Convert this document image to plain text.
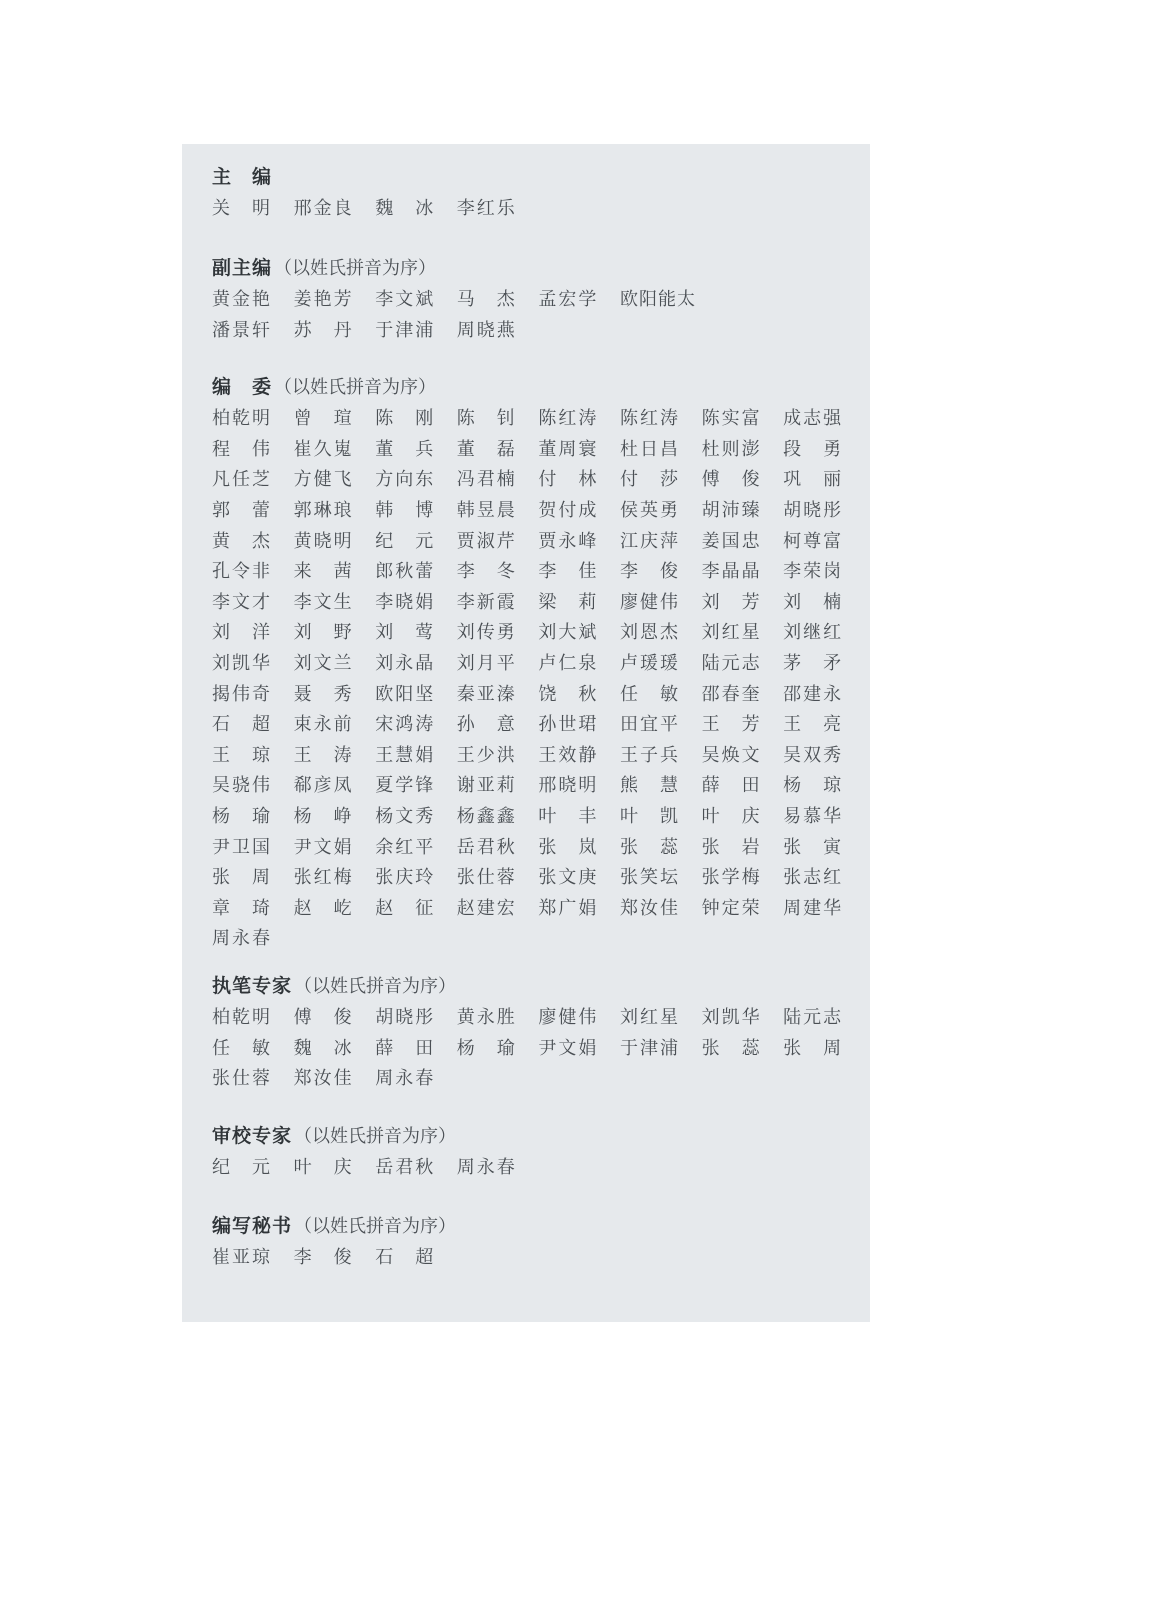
主　编
关 明 邢 金 良 魏 冰 李 红 乐
副主编 （以姓氏拼音为序）
黄 金 艳 姜 艳 芳 李 文 斌 马 杰 孟 宏 学 欧 阳 能 太
潘 景 轩 苏 丹 于 津 浦 周 晓 燕
编　委 （以姓氏拼音为序）
柏 乾 明 曾 瑄 陈 刚 陈 钊 陈 红 涛 陈 红 涛 陈 实 富 成 志 强
程 伟 崔 久 嵬 董 兵 董 磊 董 周 寰 杜 日 昌 杜 则 澎 段 勇
凡 任 芝 方 健 飞 方 向 东 冯 君 楠 付 林 付 莎 傅 俊 巩 丽
郭 蕾 郭 琳 琅 韩 博 韩 昱 晨 贺 付 成 侯 英 勇 胡 沛 臻 胡 晓 彤
黄 杰 黄 晓 明 纪 元 贾 淑 芹 贾 永 峰 江 庆 萍 姜 国 忠 柯 尊 富
孔 令 非 来 茜 郎 秋 蕾 李 冬 李 佳 李 俊 李 晶 晶 李 荣 岗
李 文 才 李 文 生 李 晓 娟 李 新 霞 梁 莉 廖 健 伟 刘 芳 刘 楠
刘 洋 刘 野 刘 莺 刘 传 勇 刘 大 斌 刘 恩 杰 刘 红 星 刘 继 红
刘 凯 华 刘 文 兰 刘 永 晶 刘 月 平 卢 仁 泉 卢 瑗 瑗 陆 元 志 茅 矛
揭 伟 奇 聂 秀 欧 阳 坚 秦 亚 溱 饶 秋 任 敏 邵 春 奎 邵 建 永
石 超 束 永 前 宋 鸿 涛 孙 意 孙 世 珺 田 宜 平 王 芳 王 亮
王 琼 王 涛 王 慧 娟 王 少 洪 王 效 静 王 子 兵 吴 焕 文 吴 双 秀
吴 骁 伟 郗 彦 凤 夏 学 锋 谢 亚 莉 邢 晓 明 熊 慧 薛 田 杨 琼
杨 瑜 杨 峥 杨 文 秀 杨 鑫 鑫 叶 丰 叶 凯 叶 庆 易 慕 华
尹 卫 国 尹 文 娟 余 红 平 岳 君 秋 张 岚 张 蕊 张 岩 张 寅
张 周 张 红 梅 张 庆 玲 张 仕 蓉 张 文 庚 张 笑 坛 张 学 梅 张 志 红
章 琦 赵 屹 赵 征 赵 建 宏 郑 广 娟 郑 汝 佳 钟 定 荣 周 建 华
周 永 春
执笔专家 （以姓氏拼音为序）
柏 乾 明 傅 俊 胡 晓 彤 黄 永 胜 廖 健 伟 刘 红 星 刘 凯 华 陆 元 志
任 敏 魏 冰 薛 田 杨 瑜 尹 文 娟 于 津 浦 张 蕊 张 周
张 仕 蓉 郑 汝 佳 周 永 春
审校专家 （以姓氏拼音为序）
纪 元 叶 庆 岳 君 秋 周 永 春
编写秘书 （以姓氏拼音为序）
崔 亚 琼 李 俊 石 超
